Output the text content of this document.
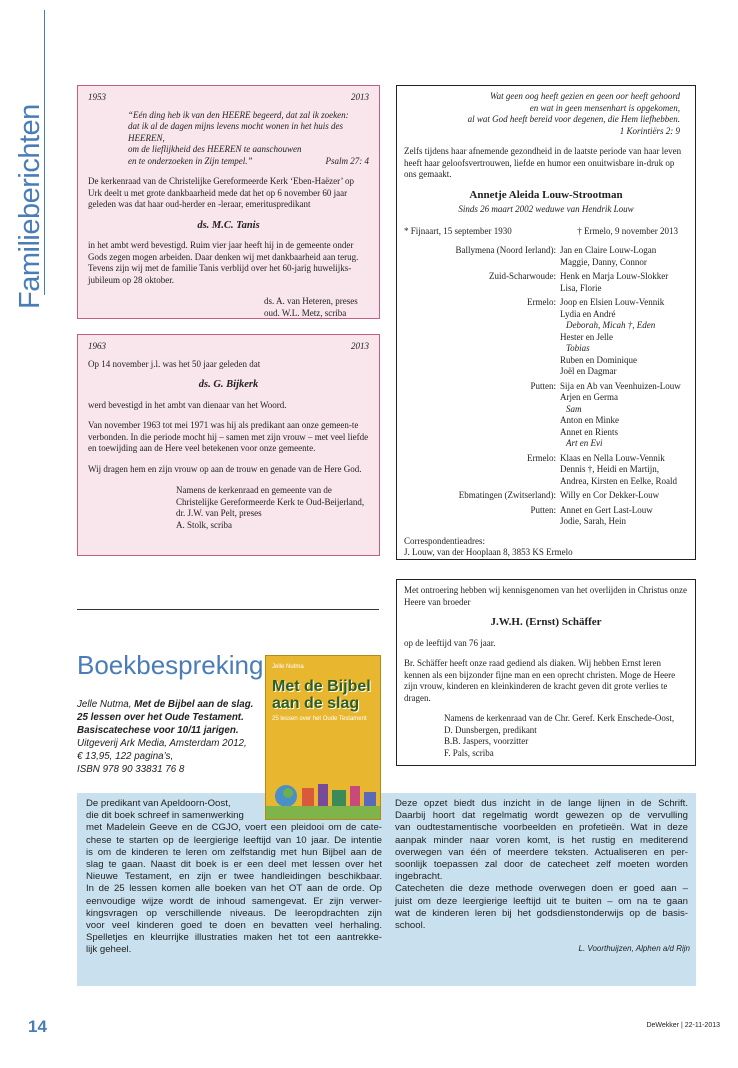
Familieberichten
1953	2013

“Eén ding heb ik van den HEERE begeerd, dat zal ik zoeken:

dat ik al de dagen mijns levens mocht wonen in het huis des HEEREN,

om de lieflijkheid des HEEREN te aanschouwen

en te onderzoeken in Zijn tempel.”	Psalm 27: 4

De kerkenraad van de Christelijke Gereformeerde Kerk ‘Eben-Haëzer’ op Urk deelt u met grote dankbaarheid mede dat het op 6 november 60 jaar geleden was dat haar oud-herder en -leraar, emerituspredikant

ds. M.C. Tanis

in het ambt werd bevestigd. Ruim vier jaar heeft hij in de gemeente onder Gods zegen mogen arbeiden. Daar denken wij met dankbaarheid aan terug. Tevens zijn wij met de familie Tanis verblijd over het 60-jarig huwelijks-jubileum op 28 oktober.

ds. A. van Heteren, preses

oud. W.L. Metz, scriba

1963	2013

Op 14 november j.l. was het 50 jaar geleden dat

ds. G. Bijkerk

werd bevestigd in het ambt van dienaar van het Woord.

Van november 1963 tot mei 1971 was hij als predikant aan onze gemeen-te verbonden. In die periode mocht hij – samen met zijn vrouw – met veel liefde en toewijding aan de Here veel betekenen voor onze gemeente.

Wij dragen hem en zijn vrouw op aan de trouw en genade van de Here God.

Namens de kerkenraad en gemeente van de

Christelijke Gereformeerde Kerk te Oud-Beijerland,

dr. J.W. van Pelt, preses

A. Stolk, scriba

Wat geen oog heeft gezien en geen oor heeft gehoord

en wat in geen mensenhart is opgekomen,

al wat God heeft bereid voor degenen, die Hem liefhebben.

1 Korintiërs 2: 9

Zelfs tijdens haar afnemende gezondheid in de laatste periode van haar leven heeft haar geloofsvertrouwen, liefde en humor een onuitwisbare in-druk op ons gemaakt.

Annetje Aleida Louw-Strootman

Sinds 26 maart 2002 weduwe van Hendrik Louw

* Fijnaart, 15 september 1930	† Ermelo, 9 november 2013
Ballymena (Noord Ierland): Jan en Claire Louw-Logan
Maggie, Danny, Connor
Zuid-Scharwoude: Henk en Marja Louw-Slokker
Lisa, Florie
Ermelo: Joop en Elsien Louw-Vennik
Lydia en André
Deborah, Micah †, Eden
Hester en Jelle
Tobias
Ruben en Dominique
Joël en Dagmar
Putten: Sija en Ab van Veenhuizen-Louw
Arjen en Germa
Sam
Anton en Minke
Annet en Rients
Art en Evi
Ermelo: Klaas en Nella Louw-Vennik
Dennis †, Heidi en Martijn,
Andrea, Kirsten en Eelke, Roald
Ebmatingen (Zwitserland): Willy en Cor Dekker-Louw
Putten: Annet en Gert Last-Louw
Jodie, Sarah, Hein

Correspondentieadres:

J. Louw, van der Hooplaan 8, 3853 KS Ermelo

Met ontroering hebben wij kennisgenomen van het overlijden in Christus onze Heere van broeder

J.W.H. (Ernst) Schäffer

op de leeftijd van 76 jaar.

Br. Schäffer heeft onze raad gediend als diaken. Wij hebben Ernst leren kennen als een bijzonder fijne man en een oprecht christen. Moge de Heere zijn vrouw, kinderen en kleinkinderen de kracht geven dit grote verlies te dragen.

Namens de kerkenraad van de Chr. Geref. Kerk Enschede-Oost,

D. Dunsbergen, predikant

B.B. Jaspers, voorzitter

F. Pals, scriba

Boekbespreking
Jelle Nutma, Met de Bijbel aan de slag. 25 lessen over het Oude Testament. Basiscatechese voor 10/11 jarigen.
Uitgeverij Ark Media, Amsterdam 2012,
€ 13,95, 122 pagina’s,
ISBN 978 90 33831 76 8
De predikant van Apeldoorn-Oost,
die dit boek schreef in samenwerking
met Madelein Geeve en de CGJO, voert een pleidooi om de cate-
chese te starten op de leergierige leeftijd van 10 jaar. De intentie
is om de kinderen te leren om zelfstandig met hun Bijbel aan de
slag te gaan. Naast dit boek is er een deel met lessen over het
Nieuwe Testament, en zijn er twee handleidingen beschikbaar.
In de 25 lessen komen alle boeken van het OT aan de orde. Op
eenvoudige wijze wordt de inhoud samengevat. Er zijn verwer-
kingsvragen op verschillende niveaus. De leeropdrachten zijn
voor veel kinderen goed te doen en bevatten veel herhaling.
Spelletjes en kleurrijke illustraties maken het tot een aantrekke-
lijk geheel.
Deze opzet biedt dus inzicht in de lange lijnen in de Schrift.
Daarbij hoort dat regelmatig wordt gewezen op de vervulling
van oudtestamentische voorbeelden en profetieën. Wat in deze
aanpak minder naar voren komt, is het rustig en mediterend
overwegen van één of meerdere teksten. Actualiseren en per-
soonlijk toepassen zal door de catecheet zelf moeten worden
ingebracht.
Catecheten die deze methode overwegen doen er goed aan –
juist om deze leergierige leeftijd uit te buiten – om na te gaan
wat de kinderen leren bij het godsdienstonderwijs op de basis-
school.

L. Voorthuijzen, Alphen a/d Rijn

Jelle Nutma
Met de Bijbel aan de slag
25 lessen over het Oude Testament
14	DeWekker | 22-11-2013
